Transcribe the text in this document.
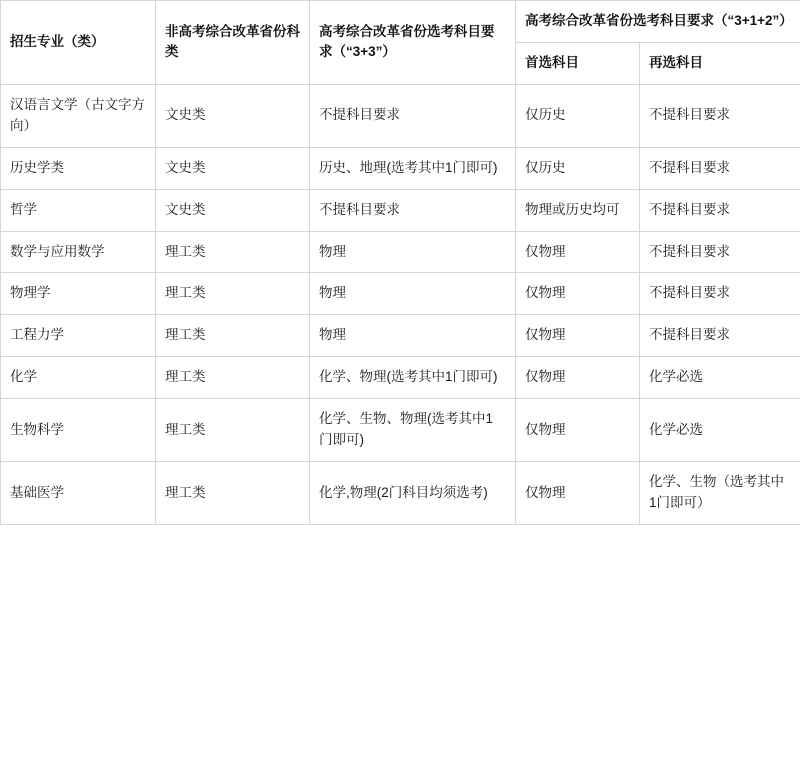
招生专业（类）	非高考综合改革省份科类	高考综合改革省份选考科目要求（“3+3”）	高考综合改革省份选考科目要求（“3+1+2”）	
			首选科目	再选科目
汉语言文学（古文字方向）	文史类	不提科目要求	仅历史	不提科目要求
历史学类	文史类	历史、地理(选考其中1门即可)	仅历史	不提科目要求
哲学	文史类	不提科目要求	物理或历史均可	不提科目要求
数学与应用数学	理工类	物理	仅物理	不提科目要求
物理学	理工类	物理	仅物理	不提科目要求
工程力学	理工类	物理	仅物理	不提科目要求
化学	理工类	化学、物理(选考其中1门即可)	仅物理	化学必选
生物科学	理工类	化学、生物、物理(选考其中1门即可)	仅物理	化学必选
基础医学	理工类	化学,物理(2门科目均须选考)	仅物理	化学、生物（选考其中1门即可）
